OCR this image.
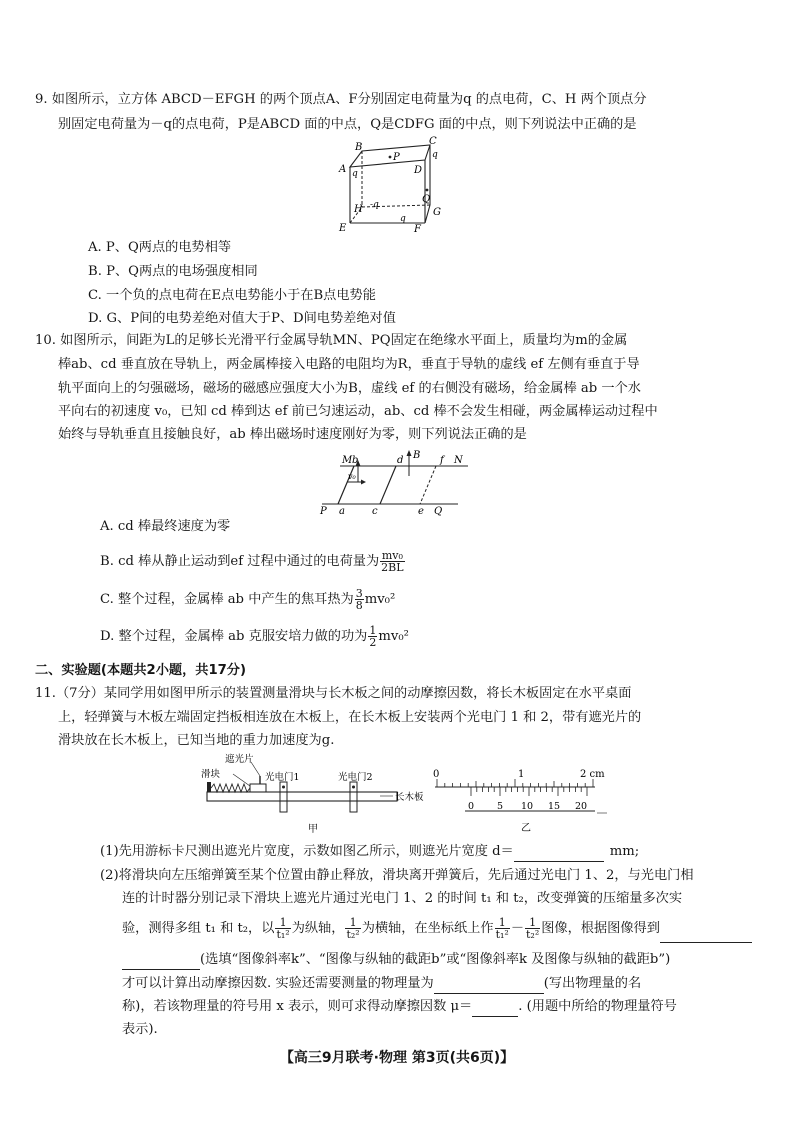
9. 如图所示，立方体 ABCD－EFGH 的两个顶点A、F分别固定电荷量为q 的点电荷，C、H 两个顶点分
别固定电荷量为－q的点电荷，P是ABCD 面的中点，Q是CDFG 面的中点，则下列说法中正确的是
B
C
q
A q
P
D
Q
H -q
G
E
q
F
A. P、Q两点的电势相等
B. P、Q两点的电场强度相同
C. 一个负的点电荷在E点电势能小于在B点电势能
D. G、P间的电势差绝对值大于P、D间电势差绝对值
10. 如图所示，间距为L的足够长光滑平行金属导轨MN、PQ固定在绝缘水平面上，质量均为m的金属
棒ab、cd 垂直放在导轨上，两金属棒接入电路的电阻均为R，垂直于导轨的虚线 ef 左侧有垂直于导
轨平面向上的匀强磁场，磁场的磁感应强度大小为B，虚线 ef 的右侧没有磁场，给金属棒 ab 一个水
平向右的初速度 v₀，已知 cd 棒到达 ef 前已匀速运动，ab、cd 棒不会发生相碰，两金属棒运动过程中
始终与导轨垂直且接触良好，ab 棒出磁场时速度刚好为零，则下列说法正确的是
M b
v₀
d B f N
P a	c	e Q
A. cd 棒最终速度为零
B. cd 棒从静止运动到ef 过程中通过的电荷量为 $\frac{\text{mv₀}}{2BL}$
C. 整个过程，金属棒 ab 中产生的焦耳热为 $\frac{3}{8} mv_0^2$
D. 整个过程，金属棒 ab 克服安培力做的功为 $\frac{1}{2} mv_0^2$
二、实验题(本题共2小题，共17分)
11.（7分）某同学用如图甲所示的装置测量滑块与长木板之间的动摩擦因数，将长木板固定在水平桌面
上，轻弹簧与木板左端固定挡板相连放在木板上，在长木板上安装两个光电门 1 和 2，带有遮光片的
滑块放在长木板上，已知当地的重力加速度为g.
遮光片
滑块	光电门1	光电门2
长木板
甲
0	1	2 cm
0 5 10 15 20
乙
(1)先用游标卡尺测出遮光片宽度，示数如图乙所示，则遮光片宽度 d＝	mm;
(2)将滑块向左压缩弹簧至某个位置由静止释放，滑块离开弹簧后，先后通过光电门 1、2，与光电门相
连的计时器分别记录下滑块上遮光片通过光电门 1、2 的时间 t₁ 和 t₂，改变弹簧的压缩量多次实
验，测得多组 t₁ 和 t₂，以 $\frac{1}{\text{t₁²}}$ 为纵轴， $\frac{1}{\text{t₂²}}$ 为横轴，在坐标纸上作 $\frac{1}{\text{t₁²}} - \frac{1}{\text{t₂²}}$ 图像，根据图像得到
(选填“图像斜率k”、“图像与纵轴的截距b”或“图像斜率k 及图像与纵轴的截距b”)
才可以计算出动摩擦因数. 实验还需要测量的物理量为	(写出物理量的名
称)，若该物理量的符号用 x 表示，则可求得动摩擦因数 μ＝	. (用题中所给的物理量符号
表示).
【高三9月联考·物理 第3页(共6页)】
